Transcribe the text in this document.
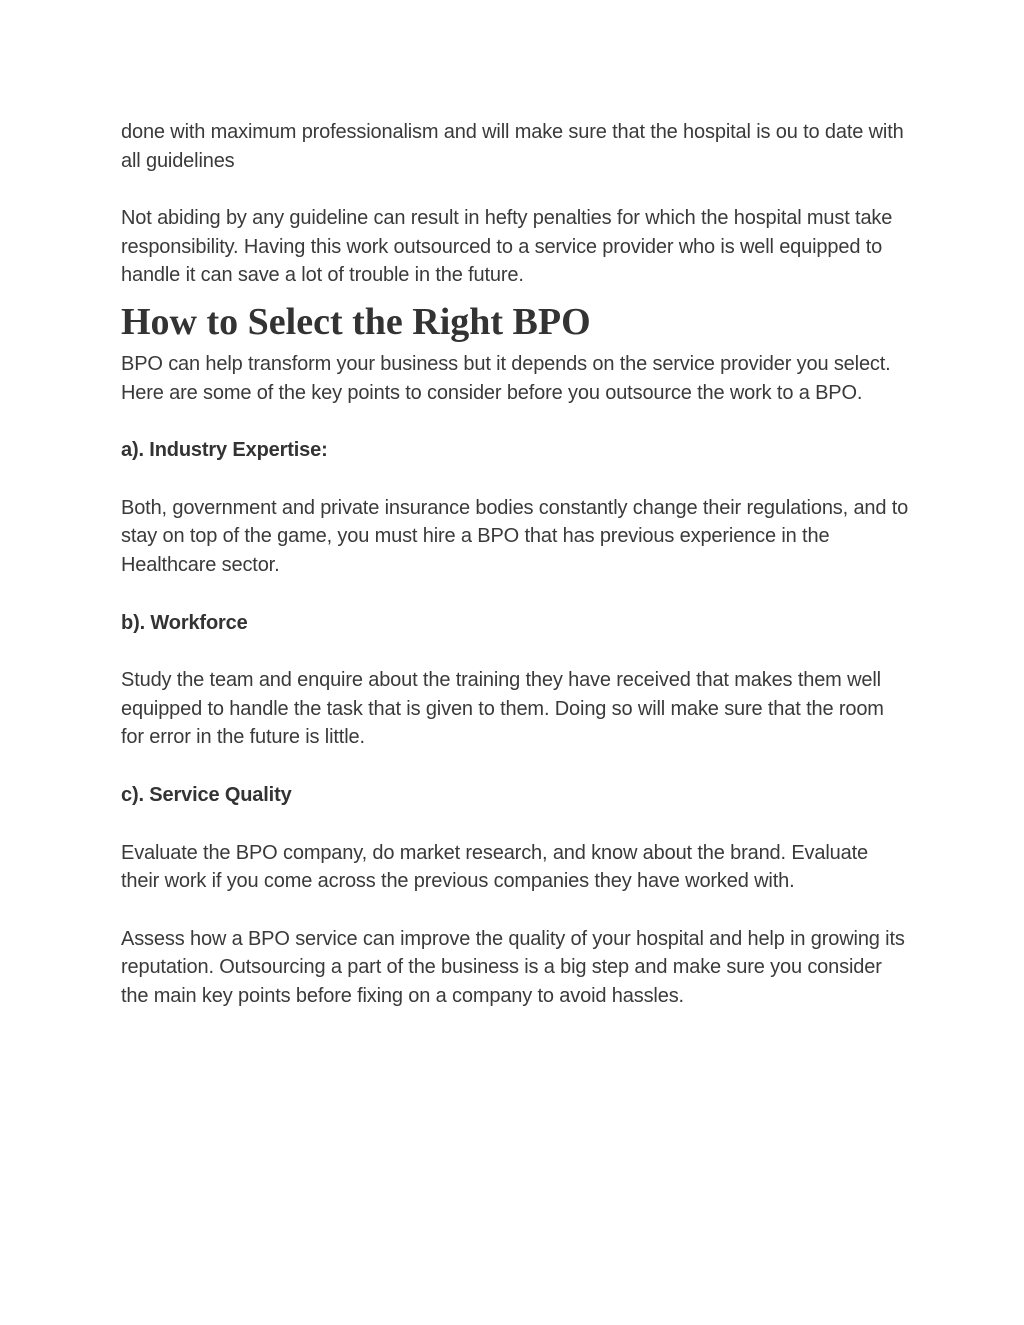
done with maximum professionalism and will make sure that the hospital is ou to date with all guidelines

Not abiding by any guideline can result in hefty penalties for which the hospital must take responsibility. Having this work outsourced to a service provider who is well equipped to handle it can save a lot of trouble in the future.

How to Select the Right BPO

BPO can help transform your business but it depends on the service provider you select. Here are some of the key points to consider before you outsource the work to a BPO.

a). Industry Expertise:

Both, government and private insurance bodies constantly change their regulations, and to stay on top of the game, you must hire a BPO that has previous experience in the Healthcare sector.

b). Workforce

Study the team and enquire about the training they have received that makes them well equipped to handle the task that is given to them. Doing so will make sure that the room for error in the future is little.

c). Service Quality

Evaluate the BPO company, do market research, and know about the brand. Evaluate their work if you come across the previous companies they have worked with.

Assess how a BPO service can improve the quality of your hospital and help in growing its reputation. Outsourcing a part of the business is a big step and make sure you consider the main key points before fixing on a company to avoid hassles.
